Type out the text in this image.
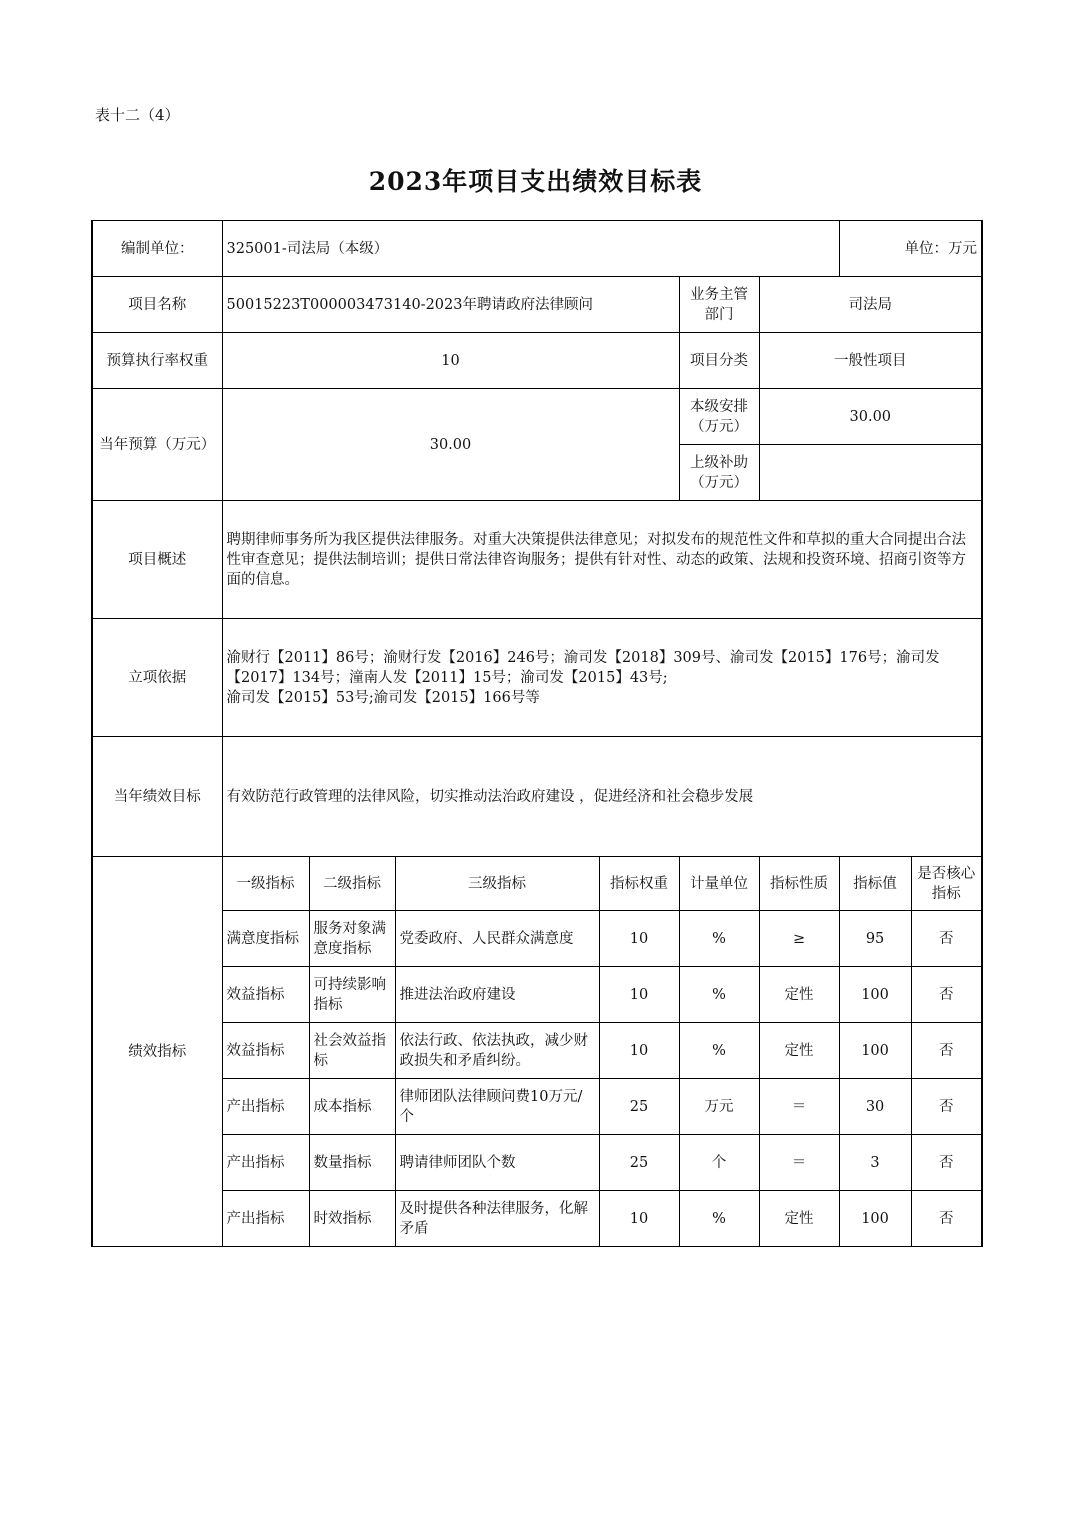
表十二（4）
2023年项目支出绩效目标表
编制单位：	325001-司法局（本级）						单位：万元	
项目名称	50015223T000003473140-2023年聘请政府法律顾问				业务主管部门	司法局		
预算执行率权重	10				项目分类	一般性项目		
当年预算（万元）	30.00				本级安排（万元）	30.00		
					上级补助（万元）			
项目概述	聘期律师事务所为我区提供法律服务。对重大决策提供法律意见；对拟发布的规范性文件和草拟的重大合同提出合法性审查意见；提供法制培训；提供日常法律咨询服务；提供有针对性、动态的政策、法规和投资环境、招商引资等方面的信息。							
立项依据	渝财行【2011】86号；渝财行发【2016】246号；渝司发【2018】309号、渝司发【2015】176号；渝司发【2017】134号；潼南人发【2011】15号；渝司发【2015】43号;
渝司发【2015】53号;渝司发【2015】166号等							

当年绩效目标	有效防范行政管理的法律风险，切实推动法治政府建设 ，促进经济和社会稳步发展							
绩效指标	一级指标	二级指标	三级指标	指标权重	计量单位	指标性质	指标值	是否核心指标
	满意度指标	服务对象满意度指标	党委政府、人民群众满意度	10	%	≥	95	否
	效益指标	可持续影响指标	推进法治政府建设	10	%	定性	100	否
	效益指标	社会效益指标	依法行政、依法执政，减少财政损失和矛盾纠纷。	10	%	定性	100	否
	产出指标	成本指标	律师团队法律顾问费10万元/个	25	万元	＝	30	否
	产出指标	数量指标	聘请律师团队个数	25	个	＝	3	否
	产出指标	时效指标	及时提供各种法律服务，化解矛盾	10	%	定性	100	否
